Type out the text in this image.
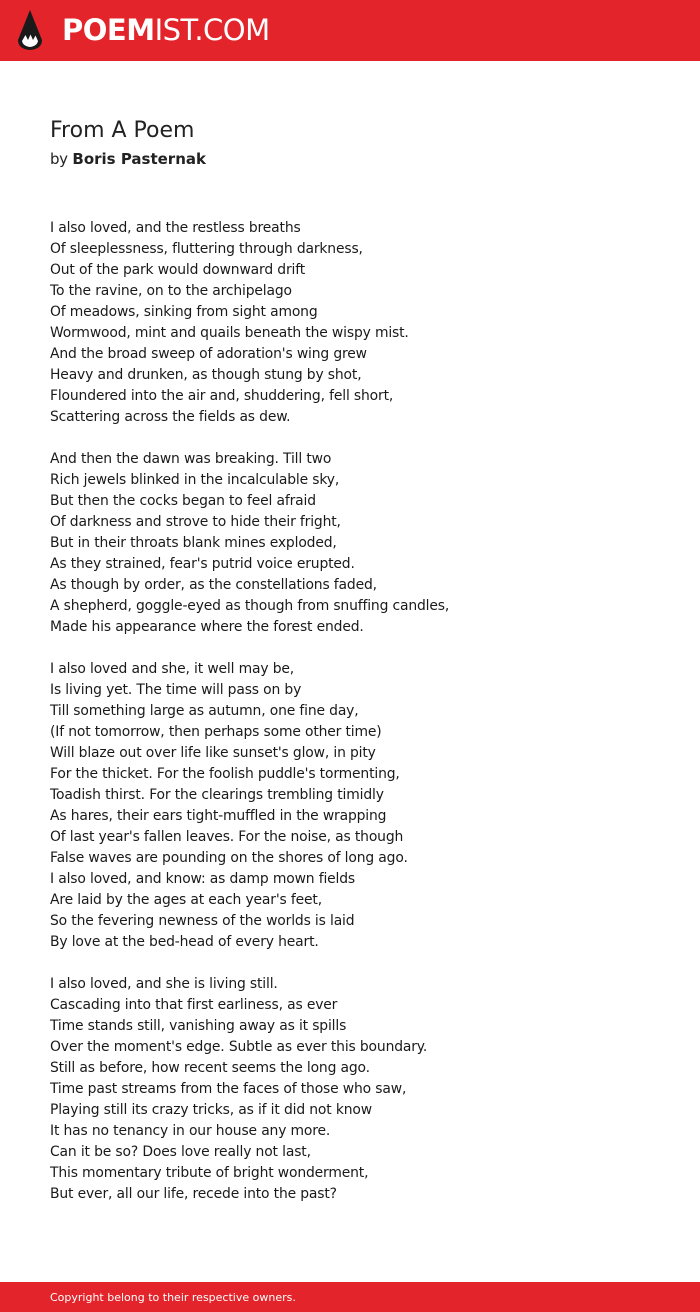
POEMIST.COM
From A Poem
by Boris Pasternak
I also loved, and the restless breaths
Of sleeplessness, fluttering through darkness,
Out of the park would downward drift
To the ravine, on to the archipelago
Of meadows, sinking from sight among
Wormwood, mint and quails beneath the wispy mist.
And the broad sweep of adoration's wing grew
Heavy and drunken, as though stung by shot,
Floundered into the air and, shuddering, fell short,
Scattering across the fields as dew.
And then the dawn was breaking. Till two
Rich jewels blinked in the incalculable sky,
But then the cocks began to feel afraid
Of darkness and strove to hide their fright,
But in their throats blank mines exploded,
As they strained, fear's putrid voice erupted.
As though by order, as the constellations faded,
A shepherd, goggle-eyed as though from snuffing candles,
Made his appearance where the forest ended.
I also loved and she, it well may be,
Is living yet. The time will pass on by
Till something large as autumn, one fine day,
(If not tomorrow, then perhaps some other time)
Will blaze out over life like sunset's glow, in pity
For the thicket. For the foolish puddle's tormenting,
Toadish thirst. For the clearings trembling timidly
As hares, their ears tight-muffled in the wrapping
Of last year's fallen leaves. For the noise, as though
False waves are pounding on the shores of long ago.
I also loved, and know: as damp mown fields
Are laid by the ages at each year's feet,
So the fevering newness of the worlds is laid
By love at the bed-head of every heart.
I also loved, and she is living still.
Cascading into that first earliness, as ever
Time stands still, vanishing away as it spills
Over the moment's edge. Subtle as ever this boundary.
Still as before, how recent seems the long ago.
Time past streams from the faces of those who saw,
Playing still its crazy tricks, as if it did not know
It has no tenancy in our house any more.
Can it be so? Does love really not last,
This momentary tribute of bright wonderment,
But ever, all our life, recede into the past?
Copyright belong to their respective owners.
